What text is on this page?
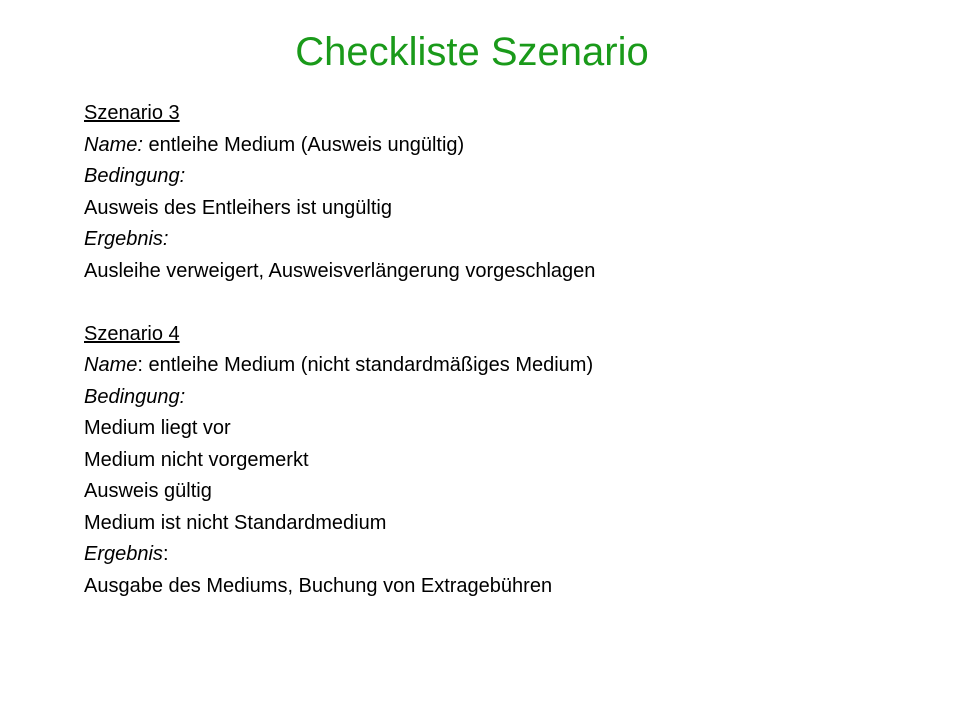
Checkliste Szenario
Szenario 3
Name: entleihe Medium (Ausweis ungültig)
Bedingung:
Ausweis des Entleihers ist ungültig
Ergebnis:
Ausleihe verweigert, Ausweisverlängerung vorgeschlagen
Szenario 4
Name: entleihe Medium (nicht standardmäßiges Medium)
Bedingung:
Medium liegt vor
Medium nicht vorgemerkt
Ausweis gültig
Medium ist nicht Standardmedium
Ergebnis:
Ausgabe des Mediums, Buchung von Extragebühren
